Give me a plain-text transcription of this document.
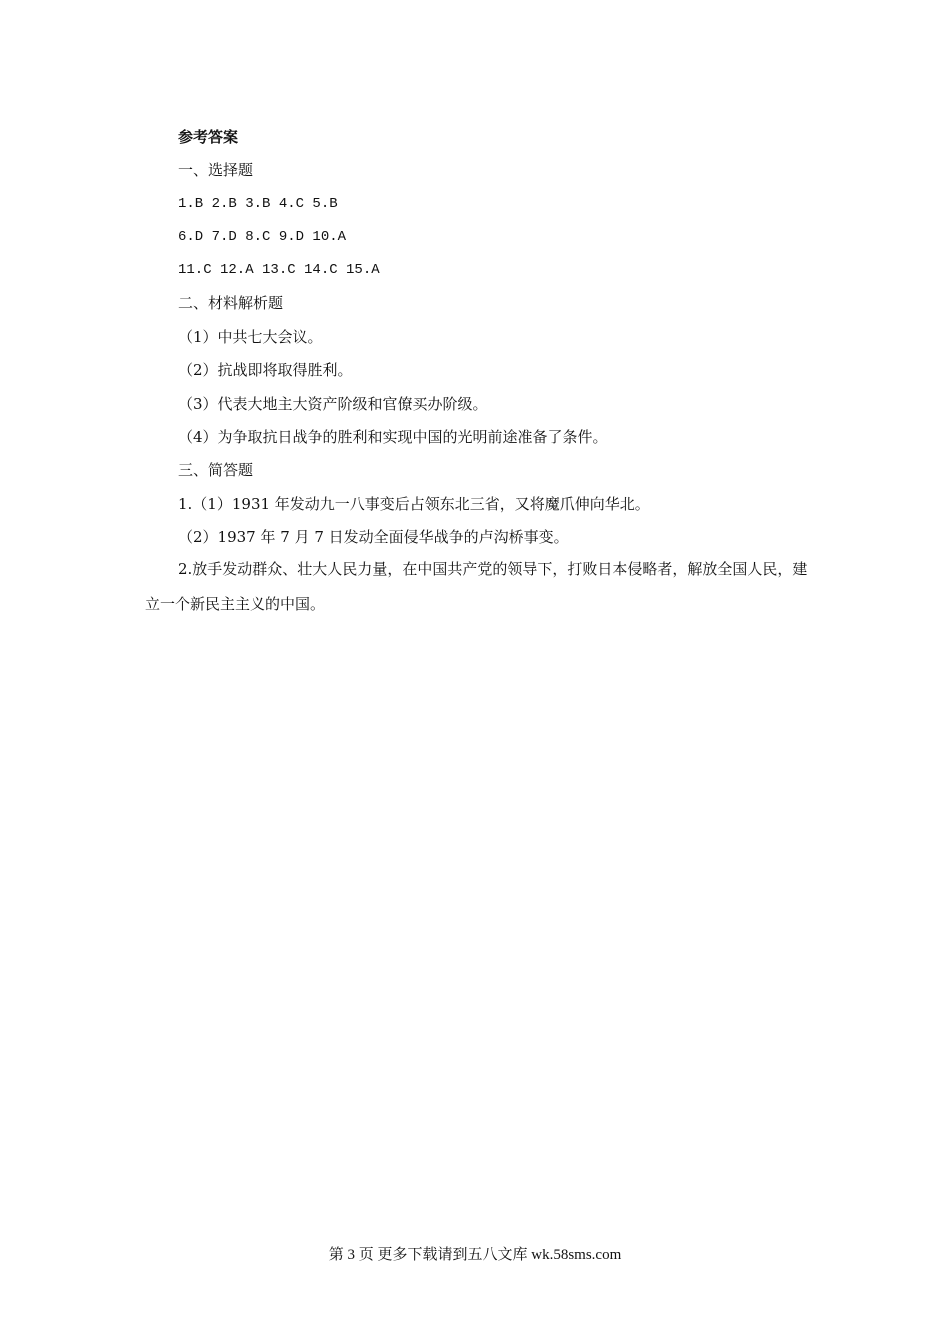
参考答案
一、选择题
1.B 2.B 3.B 4.C 5.B
6.D 7.D 8.C 9.D 10.A
11.C 12.A 13.C 14.C 15.A
二、材料解析题
（1）中共七大会议。
（2）抗战即将取得胜利。
（3）代表大地主大资产阶级和官僚买办阶级。
（4）为争取抗日战争的胜利和实现中国的光明前途准备了条件。
三、简答题
1.（1）1931 年发动九一八事变后占领东北三省，又将魔爪伸向华北。
（2）1937 年 7 月 7 日发动全面侵华战争的卢沟桥事变。
2.放手发动群众、壮大人民力量，在中国共产党的领导下，打败日本侵略者，解放全国人民，建立一个新民主主义的中国。
第 3 页 更多下载请到五八文库 wk.58sms.com
